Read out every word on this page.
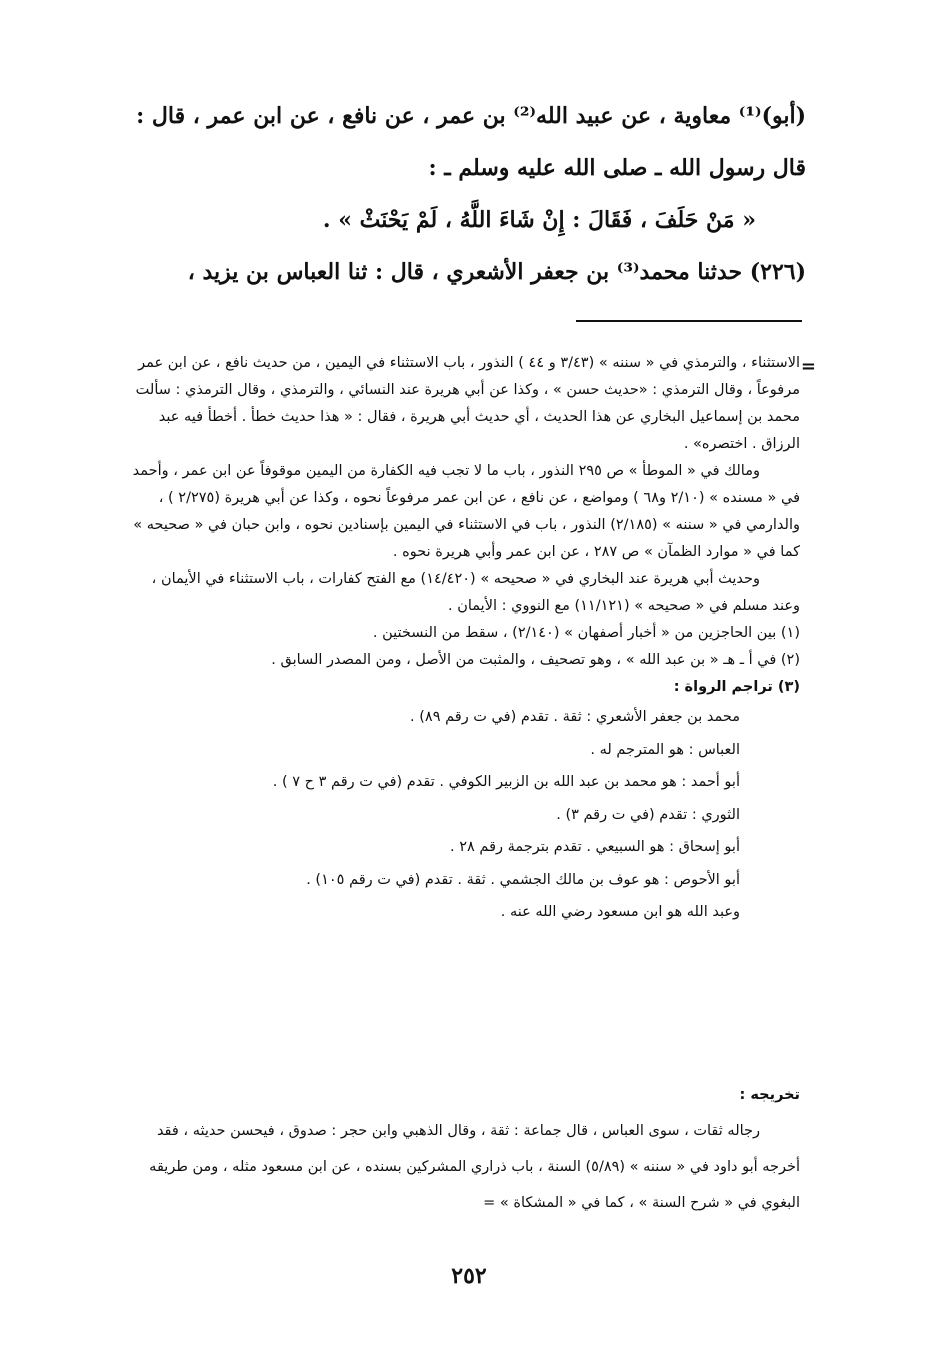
(أبو)⁽¹⁾ معاوية ، عن عبيد الله⁽²⁾ بن عمر ، عن نافع ، عن ابن عمر ، قال :

قال رسول الله ـ صلى الله عليه وسلم ـ :

« مَنْ حَلَفَ ، فَقَالَ : إِنْ شَاءَ اللَّهُ ، لَمْ يَحْنَثْ » .

(٢٢٦) حدثنا محمد⁽³⁾ بن جعفر الأشعري ، قال : ثنا العباس بن يزيد ،

=

الاستثناء ، والترمذي في « سننه » (٣/٤٣ و ٤٤ ) النذور ، باب الاستثناء في اليمين ، من حديث نافع ، عن ابن عمر مرفوعاً ، وقال الترمذي : «حديث حسن » ، وكذا عن أبي هريرة عند النسائي ، والترمذي ، وقال الترمذي : سألت محمد بن إسماعيل البخاري عن هذا الحديث ، أي حديث أبي هريرة ، فقال : « هذا حديث خطأ . أخطأ فيه عبد الرزاق . اختصره» .

ومالك في « الموطأ » ص ٢٩٥ النذور ، باب ما لا تجب فيه الكفارة من اليمين موقوفاً عن ابن عمر ، وأحمد في « مسنده » (٢/١٠ و٦٨ ) ومواضع ، عن نافع ، عن ابن عمر مرفوعاً نحوه ، وكذا عن أبي هريرة (٢/٢٧٥ ) ، والدارمي في « سننه » (٢/١٨٥) النذور ، باب في الاستثناء في اليمين بإسنادين نحوه ، وابن حبان في « صحيحه » كما في « موارد الظمآن » ص ٢٨٧ ، عن ابن عمر وأبي هريرة نحوه .

وحديث أبي هريرة عند البخاري في « صحيحه » (١٤/٤٢٠) مع الفتح كفارات ، باب الاستثناء في الأيمان ، وعند مسلم في « صحيحه » (١١/١٢١) مع النووي : الأيمان .

(١) بين الحاجزين من « أخبار أصفهان » (٢/١٤٠) ، سقط من النسختين .

(٢) في أ ـ هـ « بن عبد الله » ، وهو تصحيف ، والمثبت من الأصل ، ومن المصدر السابق .

(٣) تراجم الرواة :

محمد بن جعفر الأشعري : ثقة . تقدم (في ت رقم ٨٩) .
العباس : هو المترجم له .
أبو أحمد : هو محمد بن عبد الله بن الزبير الكوفي . تقدم (في ت رقم ٣ ح ٧ ) .
الثوري : تقدم (في ت رقم ٣) .
أبو إسحاق : هو السبيعي . تقدم بترجمة رقم ٢٨ .
أبو الأحوص : هو عوف بن مالك الجشمي . ثقة . تقدم (في ت رقم ١٠٥) .
وعبد الله هو ابن مسعود رضي الله عنه .

تخريجه :

رجاله ثقات ، سوى العباس ، قال جماعة : ثقة ، وقال الذهبي وابن حجر : صدوق ، فيحسن حديثه ، فقد أخرجه أبو داود في « سننه » (٥/٨٩) السنة ، باب ذراري المشركين بسنده ، عن ابن مسعود مثله ، ومن طريقه البغوي في « شرح السنة » ، كما في « المشكاة » =

٢٥٢
